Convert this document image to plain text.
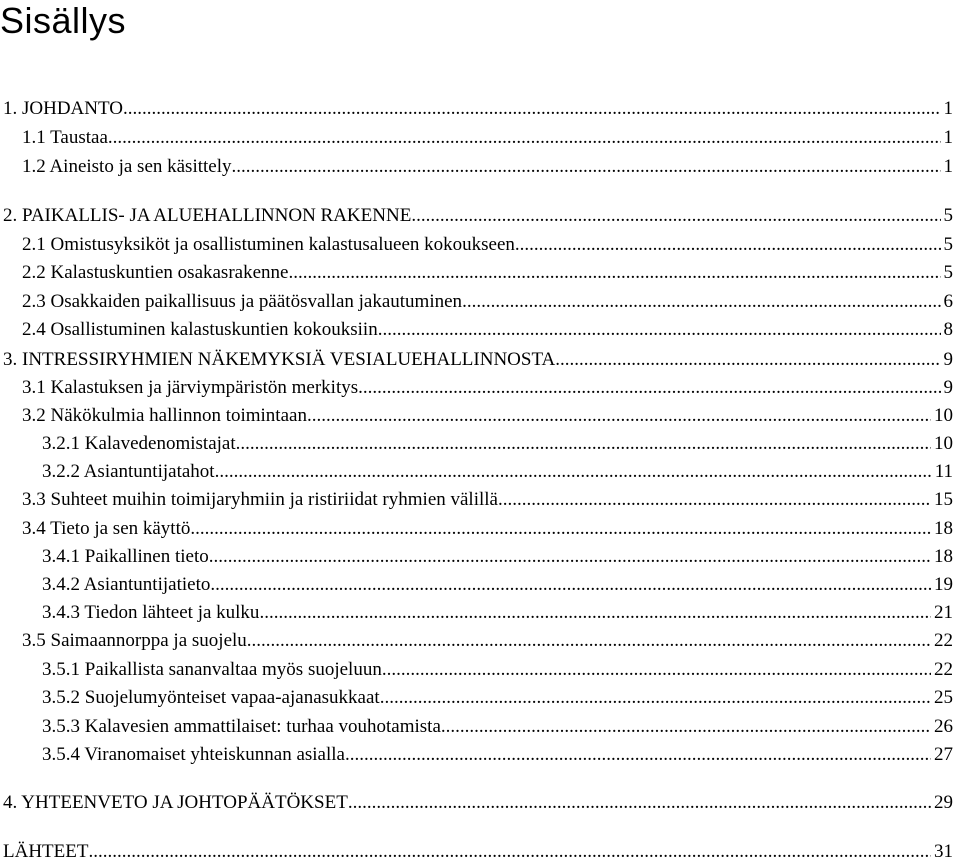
Sisällys
1. JOHDANTO .....	1
1.1 Taustaa .....	1
1.2 Aineisto ja sen käsittely .....	1
2. PAIKALLIS- JA ALUEHALLINNON RAKENNE .....	5
2.1 Omistusyksiköt ja osallistuminen kalastusalueen kokoukseen .....	5
2.2 Kalastuskuntien osakasrakenne .....	5
2.3 Osakkaiden paikallisuus ja päätösvallan jakautuminen .....	6
2.4 Osallistuminen kalastuskuntien kokouksiin .....	8
3. INTRESSIRYHMIEN NÄKEMYKSIÄ VESIALUEHALLINNOSTA .....	9
3.1 Kalastuksen ja järviympäristön merkitys .....	9
3.2 Näkökulmia hallinnon toimintaan .....	10
3.2.1 Kalavedenomistajat .....	10
3.2.2 Asiantuntijatahot .....	11
3.3 Suhteet muihin toimijaryhmiin ja ristiriidat ryhmien välillä .....	15
3.4 Tieto ja sen käyttö .....	18
3.4.1 Paikallinen tieto .....	18
3.4.2 Asiantuntijatieto .....	19
3.4.3 Tiedon lähteet ja kulku .....	21
3.5 Saimaannorppa ja suojelu .....	22
3.5.1 Paikallista sananvaltaa myös suojeluun .....	22
3.5.2 Suojelumyönteiset vapaa-ajanasukkaat .....	25
3.5.3 Kalavesien ammattilaiset: turhaa vouhotamista .....	26
3.5.4 Viranomaiset yhteiskunnan asialla .....	27
4. YHTEENVETO JA JOHTOPÄÄTÖKSET .....	29
LÄHTEET .....	31
